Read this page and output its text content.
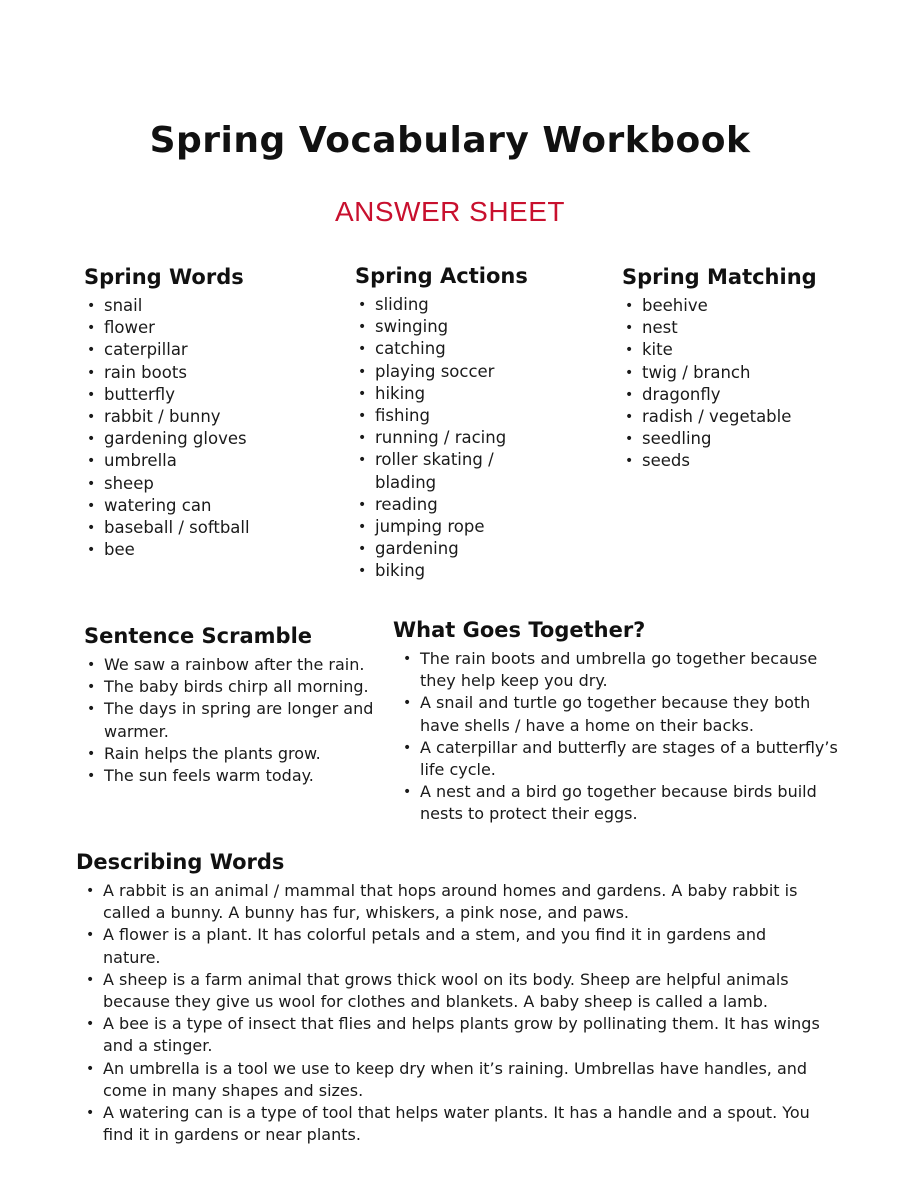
Spring Vocabulary Workbook
ANSWER SHEET
Spring Words
• snail
• flower
• caterpillar
• rain boots
• butterfly
• rabbit / bunny
• gardening gloves
• umbrella
• sheep
• watering can
• baseball / softball
• bee
Spring Actions
• sliding
• swinging
• catching
• playing soccer
• hiking
• fishing
• running / racing
• roller skating / blading
• reading
• jumping rope
• gardening
• biking
Spring Matching
• beehive
• nest
• kite
• twig / branch
• dragonfly
• radish / vegetable
• seedling
• seeds
Sentence Scramble
• We saw a rainbow after the rain.
• The baby birds chirp all morning.
• The days in spring are longer and warmer.
• Rain helps the plants grow.
• The sun feels warm today.
What Goes Together?
• The rain boots and umbrella go together because they help keep you dry.
• A snail and turtle go together because they both have shells / have a home on their backs.
• A caterpillar and butterfly are stages of a butterfly’s life cycle.
• A nest and a bird go together because birds build nests to protect their eggs.
Describing Words
• A rabbit is an animal / mammal that hops around homes and gardens. A baby rabbit is called a bunny. A bunny has fur, whiskers, a pink nose, and paws.
• A flower is a plant. It has colorful petals and a stem, and you find it in gardens and nature.
• A sheep is a farm animal that grows thick wool on its body. Sheep are helpful animals because they give us wool for clothes and blankets. A baby sheep is called a lamb.
• A bee is a type of insect that flies and helps plants grow by pollinating them. It has wings and a stinger.
• An umbrella is a tool we use to keep dry when it’s raining. Umbrellas have handles, and come in many shapes and sizes.
• A watering can is a type of tool that helps water plants. It has a handle and a spout. You find it in gardens or near plants.
